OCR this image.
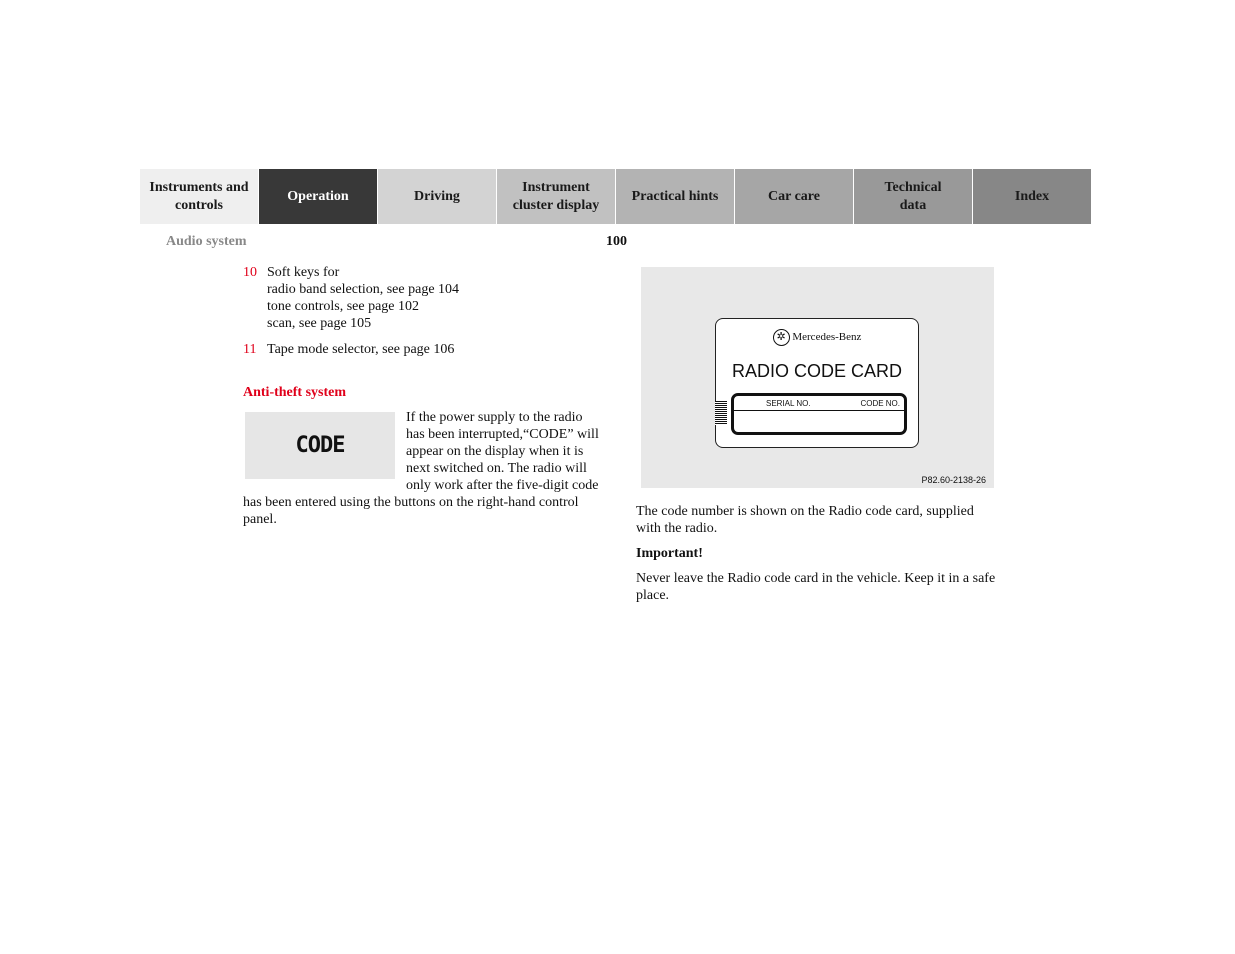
Instruments and controls
Operation	Driving
Instrument cluster display
Practical hints	Car care
Technical data
Index
Audio system	100
10 Soft keys for
radio band selection, see page 104
tone controls, see page 102
scan, see page 105
11 Tape mode selector, see page 106
Anti-theft system
CODE
If the power supply to the radio has been interrupted,“CODE” will appear on the display when it is next switched on. The radio will only work after the five-digit code has been entered using the buttons on the right-hand control panel.
✲ Mercedes-Benz
RADIO CODE CARD
SERIAL NO.	CODE NO.
P82.60-2138-26

The code number is shown on the Radio code card, supplied with the radio.

Important!

Never leave the Radio code card in the vehicle. Keep it in a safe place.
